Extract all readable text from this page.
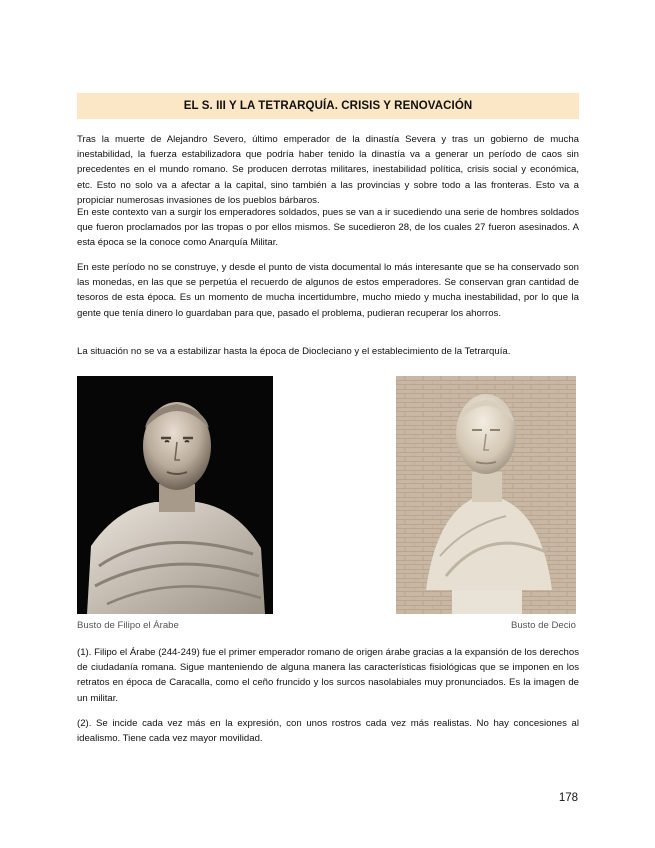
EL S. III Y LA TETRARQUÍA. CRISIS Y RENOVACIÓN

Tras la muerte de Alejandro Severo, último emperador de la dinastía Severa y tras un gobierno de mucha inestabilidad, la fuerza estabilizadora que podría haber tenido la dinastía va a generar un período de caos sin precedentes en el mundo romano. Se producen derrotas militares, inestabilidad política, crisis social y económica, etc. Esto no solo va a afectar a la capital, sino también a las provincias y sobre todo a las fronteras. Esto va a propiciar numerosas invasiones de los pueblos bárbaros.

En este contexto van a surgir los emperadores soldados, pues se van a ir sucediendo una serie de hombres soldados que fueron proclamados por las tropas o por ellos mismos. Se sucedieron 28, de los cuales 27 fueron asesinados. A esta época se la conoce como Anarquía Militar.

En este período no se construye, y desde el punto de vista documental lo más interesante que se ha conservado son las monedas, en las que se perpetúa el recuerdo de algunos de estos emperadores. Se conservan gran cantidad de tesoros de esta época. Es un momento de mucha incertidumbre, mucho miedo y mucha inestabilidad, por lo que la gente que tenía dinero lo guardaban para que, pasado el problema, pudieran recuperar los ahorros.

La situación no se va a estabilizar hasta la época de Diocleciano y el establecimiento de la Tetrarquía.

Busto de Filipo el Árabe	Busto de Decio

(1). Filipo el Árabe (244-249) fue el primer emperador romano de origen árabe gracias a la expansión de los derechos de ciudadanía romana. Sigue manteniendo de alguna manera las características fisiológicas que se imponen en los retratos en época de Caracalla, como el ceño fruncido y los surcos nasolabiales muy pronunciados. Es la imagen de un militar.

(2). Se incide cada vez más en la expresión, con unos rostros cada vez más realistas. No hay concesiones al idealismo. Tiene cada vez mayor movilidad.

178
